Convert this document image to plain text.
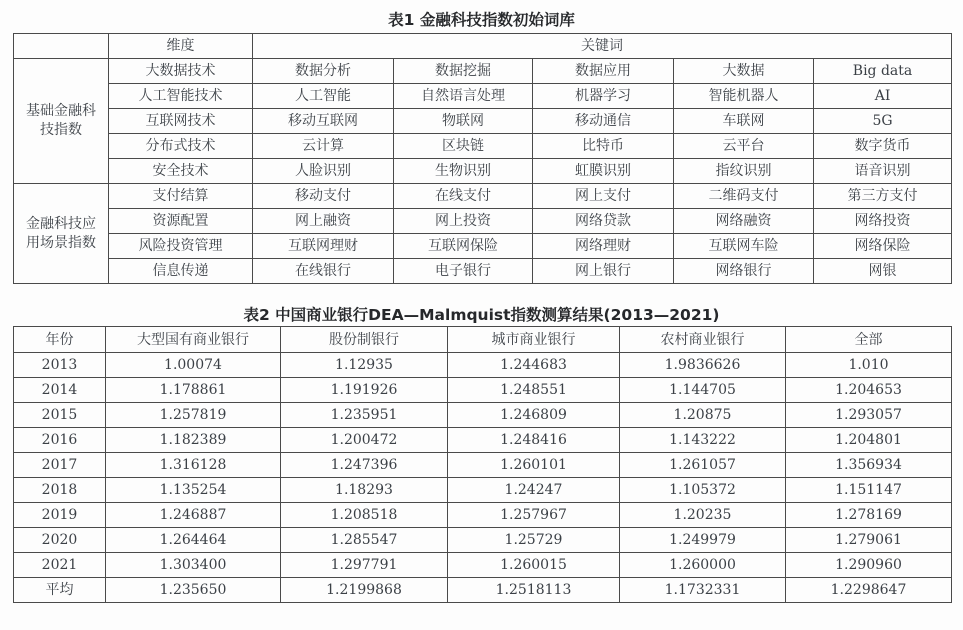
表1 金融科技指数初始词库
	维度	关键词				
基础金融科技指数	大数据技术	数据分析	数据挖掘	数据应用	大数据	Big data
	人工智能技术	人工智能	自然语言处理	机器学习	智能机器人	AI
	互联网技术	移动互联网	物联网	移动通信	车联网	5G
	分布式技术	云计算	区块链	比特币	云平台	数字货币
	安全技术	人脸识别	生物识别	虹膜识别	指纹识别	语音识别
金融科技应用场景指数	支付结算	移动支付	在线支付	网上支付	二维码支付	第三方支付
	资源配置	网上融资	网上投资	网络贷款	网络融资	网络投资
	风险投资管理	互联网理财	互联网保险	网络理财	互联网车险	网络保险
	信息传递	在线银行	电子银行	网上银行	网络银行	网银
表2 中国商业银行DEA—Malmquist指数测算结果(2013—2021)
年份	大型国有商业银行	股份制银行	城市商业银行	农村商业银行	全部
2013	1.00074	1.12935	1.244683	1.9836626	1.010
2014	1.178861	1.191926	1.248551	1.144705	1.204653
2015	1.257819	1.235951	1.246809	1.20875	1.293057
2016	1.182389	1.200472	1.248416	1.143222	1.204801
2017	1.316128	1.247396	1.260101	1.261057	1.356934
2018	1.135254	1.18293	1.24247	1.105372	1.151147
2019	1.246887	1.208518	1.257967	1.20235	1.278169
2020	1.264464	1.285547	1.25729	1.249979	1.279061
2021	1.303400	1.297791	1.260015	1.260000	1.290960
平均	1.235650	1.2199868	1.2518113	1.1732331	1.2298647
